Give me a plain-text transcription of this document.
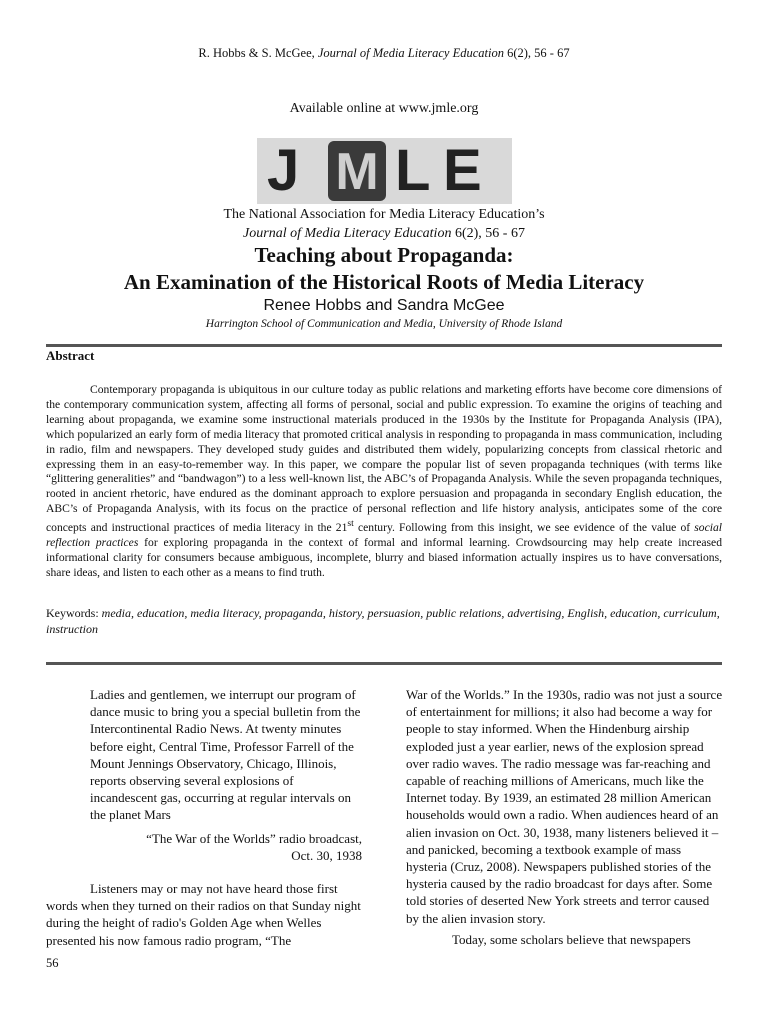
R. Hobbs & S. McGee, Journal of Media Literacy Education 6(2), 56 - 67
Available online at www.jmle.org
J M L E
The National Association for Media Literacy Education’s
Journal of Media Literacy Education 6(2), 56 - 67
Teaching about Propaganda:
An Examination of the Historical Roots of Media Literacy
Renee Hobbs and Sandra McGee
Harrington School of Communication and Media, University of Rhode Island
Abstract

Contemporary propaganda is ubiquitous in our culture today as public relations and marketing efforts have become core dimensions of the contemporary communication system, affecting all forms of personal, social and public expression. To examine the origins of teaching and learning about propaganda, we examine some instructional materials produced in the 1930s by the Institute for Propaganda Analysis (IPA), which popularized an early form of media literacy that promoted critical analysis in responding to propaganda in mass communication, including in radio, film and newspapers. They developed study guides and distributed them widely, popularizing concepts from classical rhetoric and expressing them in an easy-to-remember way. In this paper, we compare the popular list of seven propaganda techniques (with terms like “glittering generalities” and “bandwagon”) to a less well-known list, the ABC’s of Propaganda Analysis. While the seven propaganda techniques, rooted in ancient rhetoric, have endured as the dominant approach to explore persuasion and propaganda in secondary English education, the ABC’s of Propaganda Analysis, with its focus on the practice of personal reflection and life history analysis, anticipates some of the core concepts and instructional practices of media literacy in the 21st century. Following from this insight, we see evidence of the value of social reflection practices for exploring propaganda in the context of formal and informal learning. Crowdsourcing may help create increased informational clarity for consumers because ambiguous, incomplete, blurry and biased information actually inspires us to have conversations, share ideas, and listen to each other as a means to find truth.

Keywords: media, education, media literacy, propaganda, history, persuasion, public relations, advertising, English, education, curriculum, instruction

Ladies and gentlemen, we interrupt our program of dance music to bring you a special bulletin from the Intercontinental Radio News. At twenty minutes before eight, Central Time, Professor Farrell of the Mount Jennings Observatory, Chicago, Illinois, reports observing several explosions of incandescent gas, occurring at regular intervals on the planet Mars

“The War of the Worlds” radio broadcast,
Oct. 30, 1938

Listeners may or may not have heard those first words when they turned on their radios on that Sunday night during the height of radio's Golden Age when Welles presented his now famous radio program, “The

War of the Worlds.” In the 1930s, radio was not just a source of entertainment for millions; it also had become a way for people to stay informed. When the Hindenburg airship exploded just a year earlier, news of the explosion spread over radio waves. The radio message was far-reaching and capable of reaching millions of Americans, much like the Internet today. By 1939, an estimated 28 million American households would own a radio. When audiences heard of an alien invasion on Oct. 30, 1938, many listeners believed it – and panicked, becoming a textbook example of mass hysteria (Cruz, 2008). Newspapers published stories of the hysteria caused by the radio broadcast for days after. Some told stories of deserted New York streets and terror caused by the alien invasion story.

Today, some scholars believe that newspapers

56
